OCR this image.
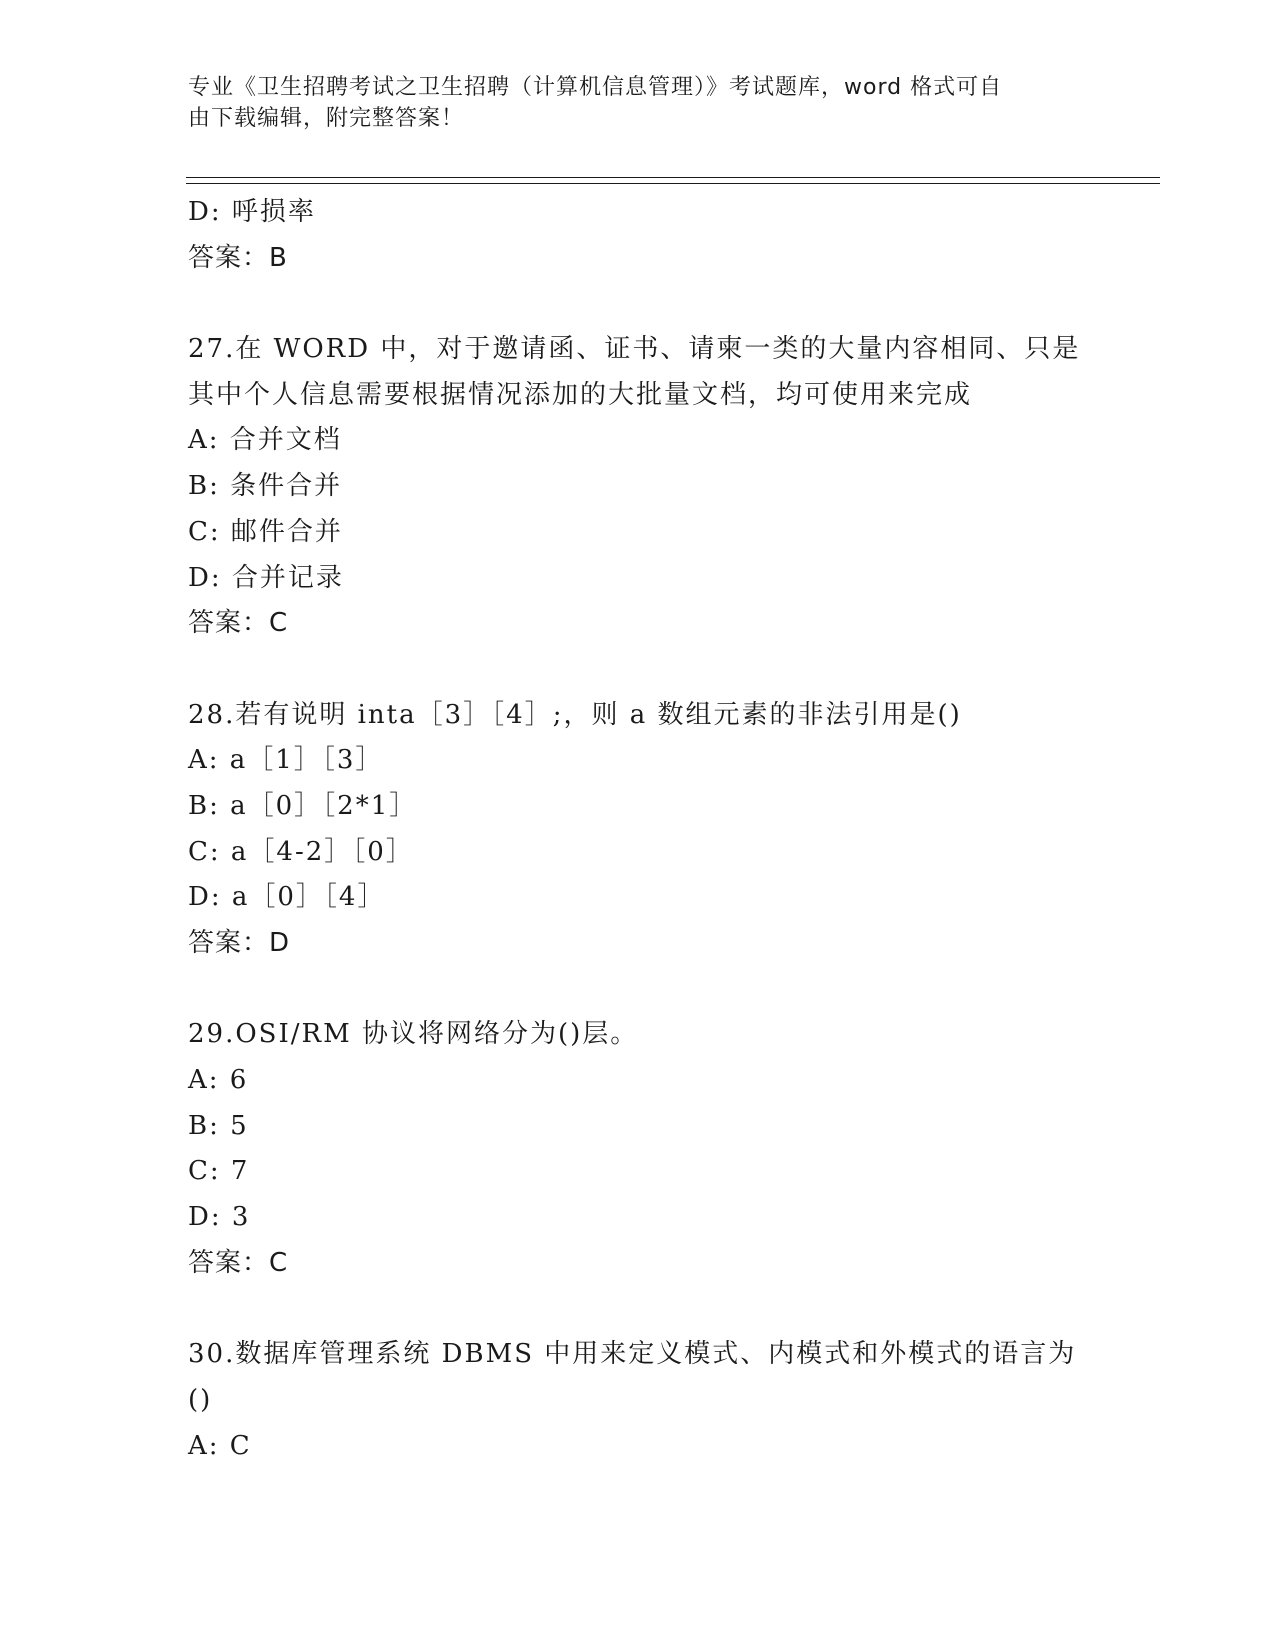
专业《卫生招聘考试之卫生招聘（计算机信息管理）》考试题库，word 格式可自
由下载编辑，附完整答案！
D: 呼损率
答案：B
27.在 WORD 中，对于邀请函、证书、请柬一类的大量内容相同、只是
其中个人信息需要根据情况添加的大批量文档，均可使用来完成
A: 合并文档
B: 条件合并
C: 邮件合并
D: 合并记录
答案：C
28.若有说明 inta［3］［4］;，则 a 数组元素的非法引用是()
A: a［1］［3］
B: a［0］［2*1］
C: a［4-2］［0］
D: a［0］［4］
答案：D
29.OSI/RM 协议将网络分为()层。
A: 6
B: 5
C: 7
D: 3
答案：C
30.数据库管理系统 DBMS 中用来定义模式、内模式和外模式的语言为
()
A: C
